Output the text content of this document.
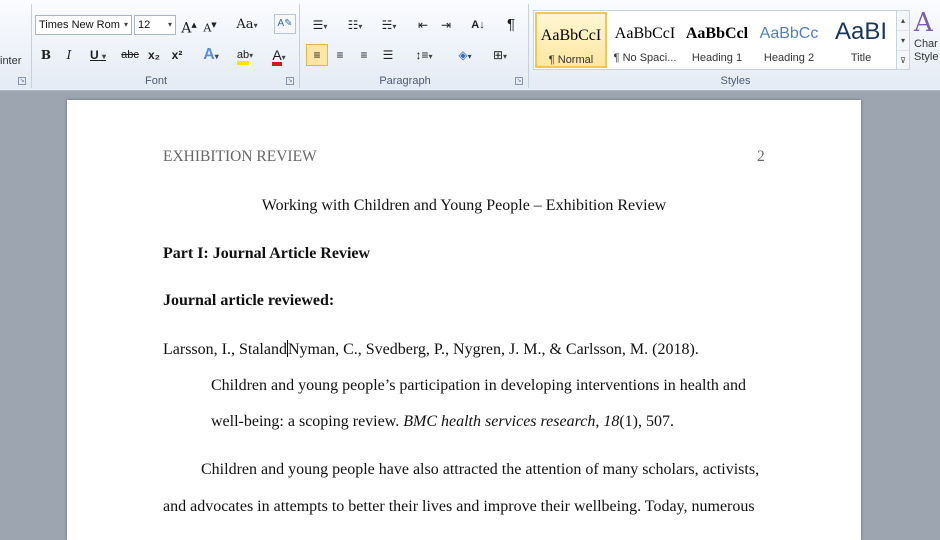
inter
↘
Times New Rom ▾ 12 ▾ A▲ A▼ Aa▾	A✎
B	I	U ▾	abc x₂ x²	A▾	ab▾	A▾
Font	↘
☰▾	☷▾	☵▾	⇤	⇥	A↓	¶
≡	≡	≡	☰	↕≡▾	◈▾	⊞▾
Paragraph	↘
AaBbCcI
¶ Normal
AaBbCcI
¶ No Spaci...
AaBbCcl
Heading 1
AaBbCc
Heading 2
AaBI
Title
▴
▾
⊽
Styles
A
Char
Style
EXHIBITION REVIEW	2
Working with Children and Young People – Exhibition Review
Part I: Journal Article Review
Journal article reviewed:
Larsson, I., StalandNyman, C., Svedberg, P., Nygren, J. M., & Carlsson, M. (2018).
Children and young people’s participation in developing interventions in health and
well-being: a scoping review. BMC health services research, 18(1), 507.
Children and young people have also attracted the attention of many scholars, activists,
and advocates in attempts to better their lives and improve their wellbeing. Today, numerous
